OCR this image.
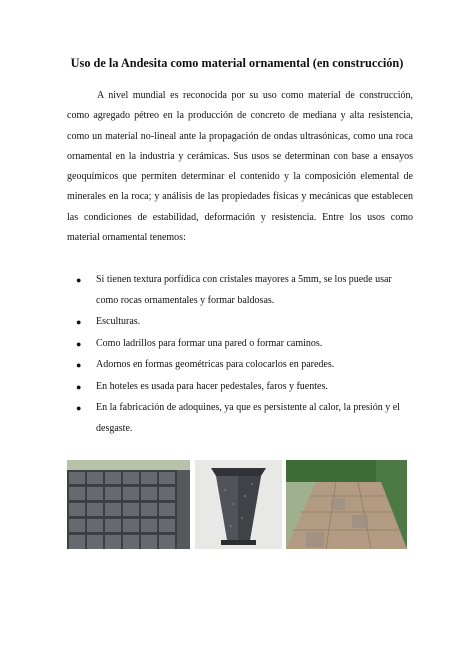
Uso de la Andesita como material ornamental (en construcción)

A nivel mundial es reconocida por su uso como material de construcción, como agregado pétreo en la producción de concreto de mediana y alta resistencia, como un material no-lineal ante la propagación de ondas ultrasónicas, como una roca ornamental en la industria y cerámicas. Sus usos se determinan con base a ensayos geoquímicos que permiten determinar el contenido y la composición elemental de minerales en la roca; y análisis de las propiedades físicas y mecánicas que establecen las condiciones de estabilidad, deformación y resistencia. Entre los usos como material ornamental tenemos:

● Si tienen textura porfídica con cristales mayores a 5mm, se los puede usar como rocas ornamentales y formar baldosas.
● Esculturas.
● Como ladrillos para formar una pared o formar caminos.
● Adornos en formas geométricas para colocarlos en paredes.
● En hoteles es usada para hacer pedestales, faros y fuentes.
● En la fabricación de adoquines, ya que es persistente al calor, la presión y el desgaste.
